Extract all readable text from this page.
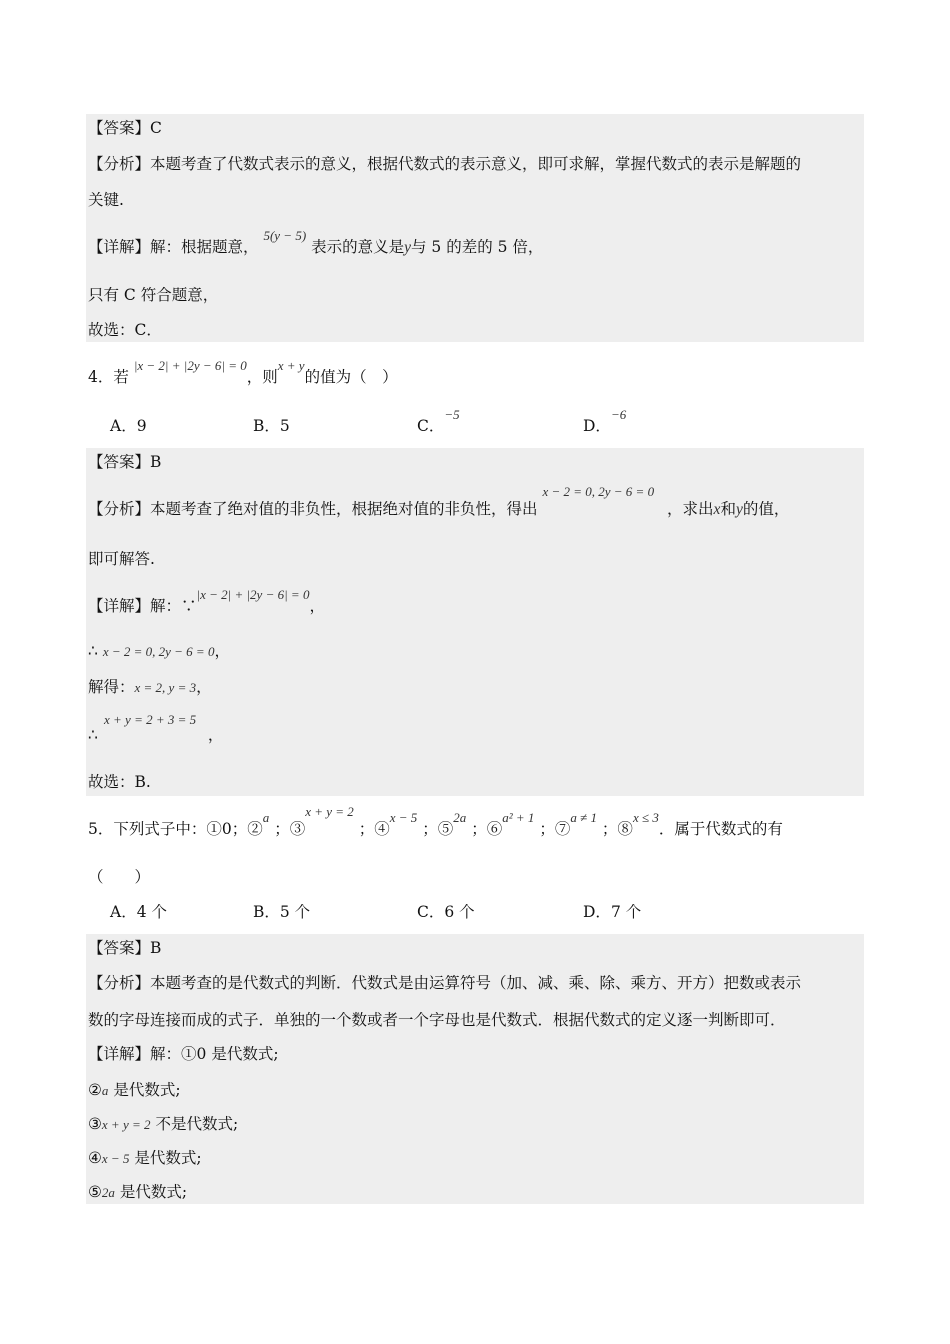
【答案】C
【分析】本题考查了代数式表示的意义，根据代数式的表示意义，即可求解，掌握代数式的表示是解题的
关键.
【详解】解：根据题意， $^{5(y - 5)}$ 表示的意义是y与 5 的差的 5 倍，
只有 C 符合题意，
故选：C．
4．若 $^{|x - 2| + |2y - 6| = 0}$，则$^{x + y}$的值为（　）
A．9	B．5	C．$^{-5}$
D．$^{-6}$
【答案】B
【分析】本题考查了绝对值的非负性，根据绝对值的非负性，得出 $^{x - 2 = 0, 2y - 6 = 0}$ ，求出x和y的值，
即可解答.
【详解】解：∵$^{|x - 2| + |2y - 6| = 0}$，
∴ x − 2 = 0, 2y − 6 = 0，
解得：x = 2, y = 3，
x + y = 2 + 3 = 5
∴	，
故选：B.
5．下列式子中：①0；②$^a$ ；③$^{x + y = 2}$ ；④$^{x - 5}$ ；⑤$^{2a}$ ；⑥$^{a^2 + 1}$ ；⑦$^{a \ne 1}$ ；⑧$^{x \le 3}$．属于代数式的有
（　　）
A．4 个	B．5 个	C．6 个	D．7 个
【答案】B
【分析】本题考查的是代数式的判断．代数式是由运算符号（加、减、乘、除、乘方、开方）把数或表示
数的字母连接而成的式子．单独的一个数或者一个字母也是代数式．根据代数式的定义逐一判断即可．
【详解】解：①0 是代数式;
②a 是代数式;
③x + y = 2 不是代数式;
④x − 5 是代数式;
⑤2a 是代数式;
